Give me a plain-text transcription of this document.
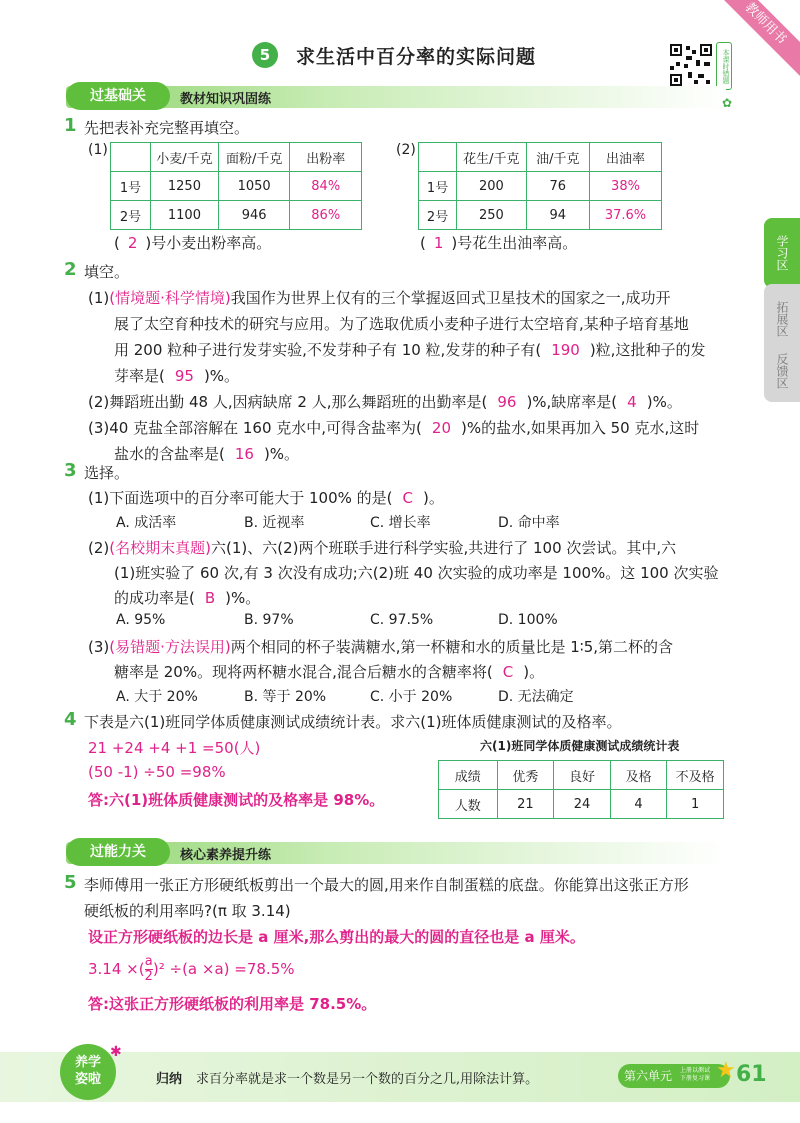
教师用书
5	求生活中百分率的实际问题	本课时错题
过基础关	教材知识巩固练	✿
1 先把表补充完整再填空。
(1)
	小麦/千克	面粉/千克	出粉率
1号	1250	1050	84%
2号	1100	946	86%
(2)
	花生/千克	油/千克	出油率
1号	200	76	38%
2号	250	94	37.6%
( 2 )号小麦出粉率高。	( 1 )号花生出油率高。
2 填空。
(1)(情境题·科学情境)我国作为世界上仅有的三个掌握返回式卫星技术的国家之一,成功开
展了太空育种技术的研究与应用。为了选取优质小麦种子进行太空培育,某种子培育基地
用 200 粒种子进行发芽实验,不发芽种子有 10 粒,发芽的种子有( 190 )粒,这批种子的发
芽率是( 95 )%。
(2)舞蹈班出勤 48 人,因病缺席 2 人,那么舞蹈班的出勤率是( 96 )%,缺席率是( 4 )%。
(3)40 克盐全部溶解在 160 克水中,可得含盐率为( 20 )%的盐水,如果再加入 50 克水,这时
盐水的含盐率是( 16 )%。
3 选择。
(1)下面选项中的百分率可能大于 100% 的是( C )。
A. 成活率	B. 近视率	C. 增长率	D. 命中率
(2)(名校期末真题)六(1)、六(2)两个班联手进行科学实验,共进行了 100 次尝试。其中,六
(1)班实验了 60 次,有 3 次没有成功;六(2)班 40 次实验的成功率是 100%。这 100 次实验
的成功率是( B )%。
A. 95%	B. 97%	C. 97.5%	D. 100%
(3)(易错题·方法误用)两个相同的杯子装满糖水,第一杯糖和水的质量比是 1∶5,第二杯的含
糖率是 20%。现将两杯糖水混合,混合后糖水的含糖率将( C )。
A. 大于 20%	B. 等于 20%	C. 小于 20%	D. 无法确定
4 下表是六(1)班同学体质健康测试成绩统计表。求六(1)班体质健康测试的及格率。
21 +24 +4 +1 =50(人)
(50 -1) ÷50 =98%
答:六(1)班体质健康测试的及格率是 98%。
六(1)班同学体质健康测试成绩统计表
成绩	优秀	良好	及格	不及格
人数	21	24	4	1
过能力关	核心素养提升练
5 李师傅用一张正方形硬纸板剪出一个最大的圆,用来作自制蛋糕的底盘。你能算出这张正方形
硬纸板的利用率吗?(π 取 3.14)
设正方形硬纸板的边长是 a 厘米,那么剪出的最大的圆的直径也是 a 厘米。
3.14 ×( $\frac{a}{2} )^2 \div(a \times a) =78.5\%$
答:这张正方形硬纸板的利用率是 78.5%。
学习区
拓展区
反馈区
养学
姿啦
✱
归纳 求百分率就是求一个数是另一个数的百分之几,用除法计算。	第六单元 上册以测试
下册复习课 ★ 61
